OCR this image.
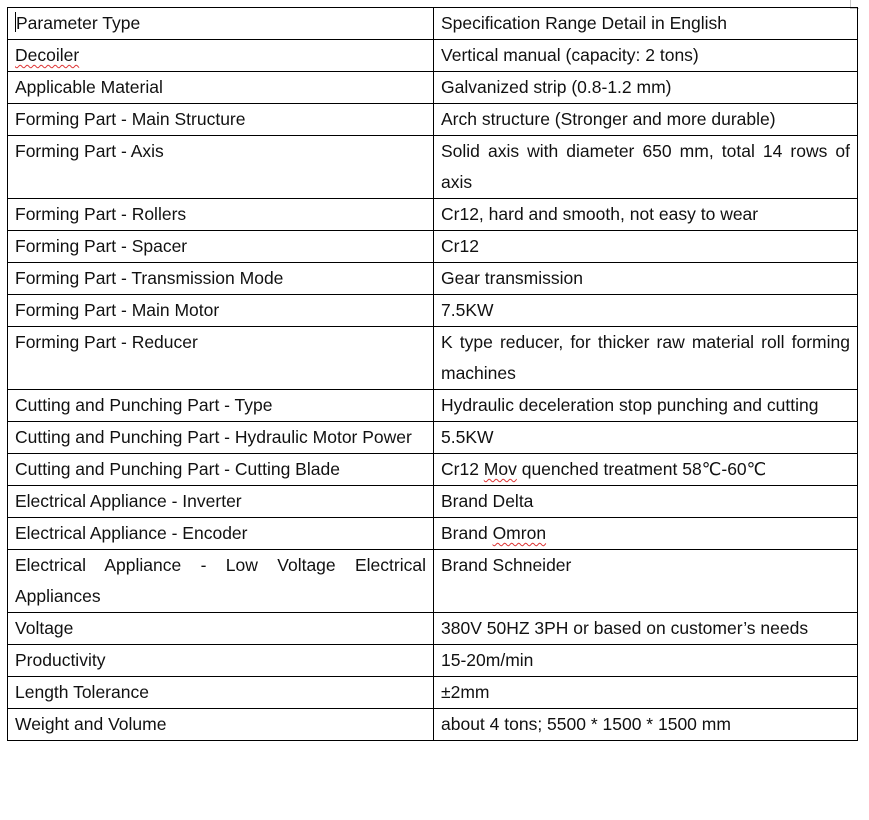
Parameter Type	Specification Range Detail in English
Decoiler	Vertical manual (capacity: 2 tons)
Applicable Material	Galvanized strip (0.8-1.2 mm)
Forming Part - Main Structure	Arch structure (Stronger and more durable)
Forming Part - Axis	Solid axis with diameter 650 mm, total 14 rows of axis
Forming Part - Rollers	Cr12, hard and smooth, not easy to wear
Forming Part - Spacer	Cr12
Forming Part - Transmission Mode	Gear transmission
Forming Part - Main Motor	7.5KW
Forming Part - Reducer	K type reducer, for thicker raw material roll forming machines
Cutting and Punching Part - Type	Hydraulic deceleration stop punching and cutting
Cutting and Punching Part - Hydraulic Motor Power	5.5KW
Cutting and Punching Part - Cutting Blade	Cr12 Mov quenched treatment 58℃-60℃
Electrical Appliance - Inverter	Brand Delta
Electrical Appliance - Encoder	Brand Omron
Electrical Appliance - Low Voltage Electrical Appliances	Brand Schneider
Voltage	380V 50HZ 3PH or based on customer’s needs
Productivity	15-20m/min
Length Tolerance	±2mm
Weight and Volume	about 4 tons; 5500 * 1500 * 1500 mm
